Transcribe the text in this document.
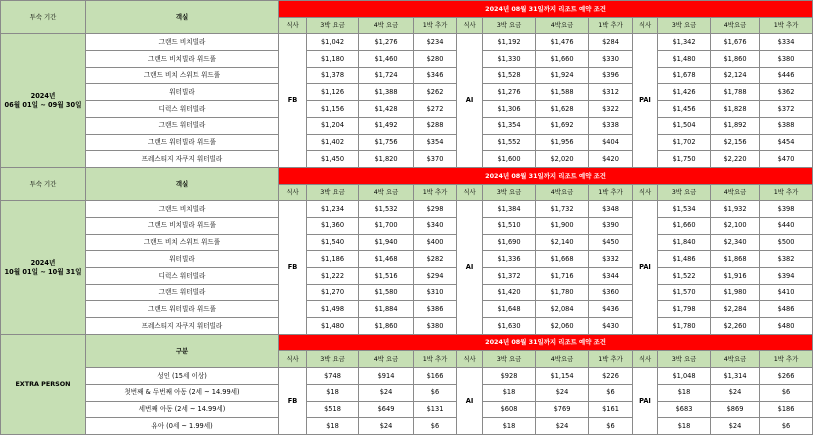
투숙 기간	객실	2024년 08월 31일까지 리조트 예약 조건											
		식사	3박 요금	4박 요금	1박 추가	식사	3박 요금	4박요금	1박 추가	식사	3박 요금	4박요금	1박 추가

2024년
06월 01일 ~ 09월 30일	그랜드 비치빌라	FB	$1,042	$1,276	$234	AI	$1,192	$1,476	$284	PAI	$1,342	$1,676	$334
	그랜드 비치빌라 위드풀		$1,180	$1,460	$280		$1,330	$1,660	$330		$1,480	$1,860	$380
	그랜드 비치 스위트 위드풀		$1,378	$1,724	$346		$1,528	$1,924	$396		$1,678	$2,124	$446
	워터빌라		$1,126	$1,388	$262		$1,276	$1,588	$312		$1,426	$1,788	$362
	디럭스 워터빌라		$1,156	$1,428	$272		$1,306	$1,628	$322		$1,456	$1,828	$372
	그랜드 워터빌라		$1,204	$1,492	$288		$1,354	$1,692	$338		$1,504	$1,892	$388
	그랜드 워터빌라 위드풀		$1,402	$1,756	$354		$1,552	$1,956	$404		$1,702	$2,156	$454
	프레스티지 자쿠지 워터빌라		$1,450	$1,820	$370		$1,600	$2,020	$420		$1,750	$2,220	$470
투숙 기간	객실	2024년 08월 31일까지 리조트 예약 조건											
		식사	3박 요금	4박 요금	1박 추가	식사	3박 요금	4박요금	1박 추가	식사	3박 요금	4박요금	1박 추가

2024년
10월 01일 ~ 10월 31일	그랜드 비치빌라	FB	$1,234	$1,532	$298	AI	$1,384	$1,732	$348	PAI	$1,534	$1,932	$398
	그랜드 비치빌라 위드풀		$1,360	$1,700	$340		$1,510	$1,900	$390		$1,660	$2,100	$440
	그랜드 비치 스위트 위드풀		$1,540	$1,940	$400		$1,690	$2,140	$450		$1,840	$2,340	$500
	워터빌라		$1,186	$1,468	$282		$1,336	$1,668	$332		$1,486	$1,868	$382
	디럭스 워터빌라		$1,222	$1,516	$294		$1,372	$1,716	$344		$1,522	$1,916	$394
	그랜드 워터빌라		$1,270	$1,580	$310		$1,420	$1,780	$360		$1,570	$1,980	$410
	그랜드 워터빌라 위드풀		$1,498	$1,884	$386		$1,648	$2,084	$436		$1,798	$2,284	$486
	프레스티지 자쿠지 워터빌라		$1,480	$1,860	$380		$1,630	$2,060	$430		$1,780	$2,260	$480
EXTRA PERSON	구분	2024년 08월 31일까지 리조트 예약 조건											
		식사	3박 요금	4박 요금	1박 추가	식사	3박 요금	4박요금	1박 추가	식사	3박 요금	4박요금	1박 추가
	성인 (15세 이상)	FB	$748	$914	$166	AI	$928	$1,154	$226	PAI	$1,048	$1,314	$266
	첫번째 & 두번째 아동 (2세 ~ 14.99세)		$18	$24	$6		$18	$24	$6		$18	$24	$6
	세번째 아동 (2세 ~ 14.99세)		$518	$649	$131		$608	$769	$161		$683	$869	$186
	유아 (0세 ~ 1.99세)		$18	$24	$6		$18	$24	$6		$18	$24	$6
